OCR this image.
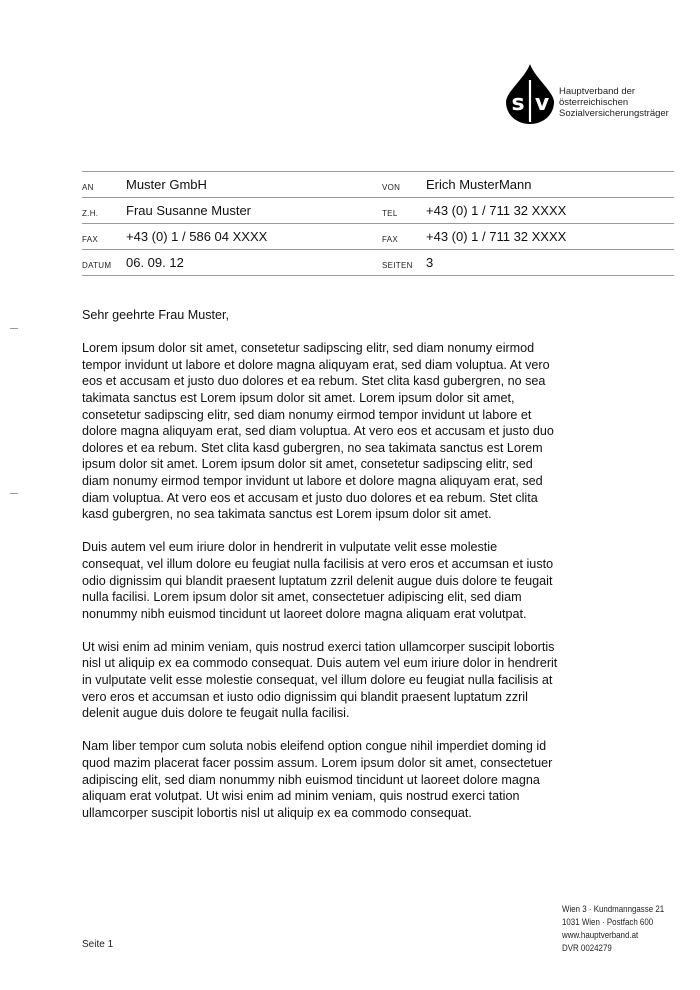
s v Hauptverband der
österreichischen
Sozialversicherungsträger
AN	Muster GmbH	VON	Erich MusterMann
Z.H.	Frau Susanne Muster	TEL	+43 (0) 1 / 711 32 XXXX
FAX	+43 (0) 1 / 586 04 XXXX	FAX	+43 (0) 1 / 711 32 XXXX
DATUM	06. 09. 12	SEITEN	3

Sehr geehrte Frau Muster,

Lorem ipsum dolor sit amet, consetetur sadipscing elitr, sed diam nonumy eirmod tempor invidunt ut labore et dolore magna aliquyam erat, sed diam voluptua. At vero eos et accusam et justo duo dolores et ea rebum. Stet clita kasd gubergren, no sea takimata sanctus est Lorem ipsum dolor sit amet. Lorem ipsum dolor sit amet, consetetur sadipscing elitr, sed diam nonumy eirmod tempor invidunt ut labore et dolore magna aliquyam erat, sed diam voluptua. At vero eos et accusam et justo duo dolores et ea rebum. Stet clita kasd gubergren, no sea takimata sanctus est Lorem ipsum dolor sit amet. Lorem ipsum dolor sit amet, consetetur sadipscing elitr, sed diam nonumy eirmod tempor invidunt ut labore et dolore magna aliquyam erat, sed diam voluptua. At vero eos et accusam et justo duo dolores et ea rebum. Stet clita kasd gubergren, no sea takimata sanctus est Lorem ipsum dolor sit amet.

Duis autem vel eum iriure dolor in hendrerit in vulputate velit esse molestie consequat, vel illum dolore eu feugiat nulla facilisis at vero eros et accumsan et iusto odio dignissim qui blandit praesent luptatum zzril delenit augue duis dolore te feugait nulla facilisi. Lorem ipsum dolor sit amet, consectetuer adipiscing elit, sed diam nonummy nibh euismod tincidunt ut laoreet dolore magna aliquam erat volutpat.

Ut wisi enim ad minim veniam, quis nostrud exerci tation ullamcorper suscipit lobortis nisl ut aliquip ex ea commodo consequat. Duis autem vel eum iriure dolor in hendrerit in vulputate velit esse molestie consequat, vel illum dolore eu feugiat nulla facilisis at vero eros et accumsan et iusto odio dignissim qui blandit praesent luptatum zzril delenit augue duis dolore te feugait nulla facilisi.

Nam liber tempor cum soluta nobis eleifend option congue nihil imperdiet doming id quod mazim placerat facer possim assum. Lorem ipsum dolor sit amet, consectetuer adipiscing elit, sed diam nonummy nibh euismod tincidunt ut laoreet dolore magna aliquam erat volutpat. Ut wisi enim ad minim veniam, quis nostrud exerci tation ullamcorper suscipit lobortis nisl ut aliquip ex ea commodo consequat.

Seite 1
Wien 3 · Kundmanngasse 21
1031 Wien · Postfach 600
www.hauptverband.at
DVR 0024279
